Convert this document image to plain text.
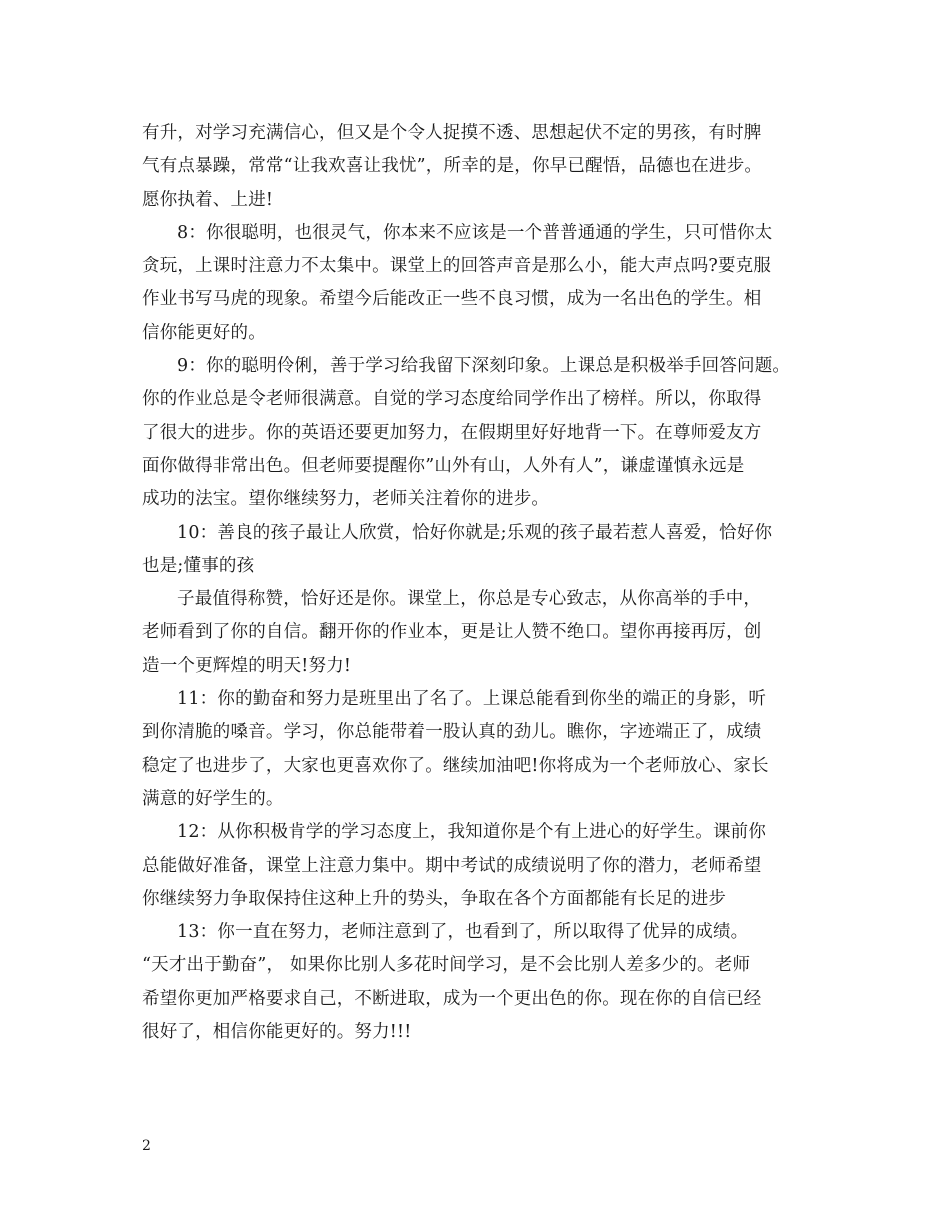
有升，对学习充满信心，但又是个令人捉摸不透、思想起伏不定的男孩，有时脾
气有点暴躁，常常“让我欢喜让我忧”，所幸的是，你早已醒悟，品德也在进步。
愿你执着、上进!
8：你很聪明，也很灵气，你本来不应该是一个普普通通的学生，只可惜你太
贪玩，上课时注意力不太集中。课堂上的回答声音是那么小，能大声点吗?要克服
作业书写马虎的现象。希望今后能改正一些不良习惯，成为一名出色的学生。相
信你能更好的。
9：你的聪明伶俐，善于学习给我留下深刻印象。上课总是积极举手回答问题。
你的作业总是令老师很满意。自觉的学习态度给同学作出了榜样。所以，你取得
了很大的进步。你的英语还要更加努力，在假期里好好地背一下。在尊师爱友方
面你做得非常出色。但老师要提醒你”山外有山，人外有人”，谦虚谨慎永远是
成功的法宝。望你继续努力，老师关注着你的进步。
10：善良的孩子最让人欣赏，恰好你就是;乐观的孩子最若惹人喜爱，恰好你
也是;懂事的孩
子最值得称赞，恰好还是你。课堂上，你总是专心致志，从你高举的手中，
老师看到了你的自信。翻开你的作业本，更是让人赞不绝口。望你再接再厉，创
造一个更辉煌的明天!努力!
11：你的勤奋和努力是班里出了名了。上课总能看到你坐的端正的身影，听
到你清脆的嗓音。学习，你总能带着一股认真的劲儿。瞧你，字迹端正了，成绩
稳定了也进步了，大家也更喜欢你了。继续加油吧!你将成为一个老师放心、家长
满意的好学生的。
12：从你积极肯学的学习态度上，我知道你是个有上进心的好学生。课前你
总能做好准备，课堂上注意力集中。期中考试的成绩说明了你的潜力，老师希望
你继续努力争取保持住这种上升的势头，争取在各个方面都能有长足的进步
13：你一直在努力，老师注意到了，也看到了，所以取得了优异的成绩。
“天才出于勤奋”， 如果你比别人多花时间学习，是不会比别人差多少的。老师
希望你更加严格要求自己，不断进取，成为一个更出色的你。现在你的自信已经
很好了，相信你能更好的。努力!!!
2
